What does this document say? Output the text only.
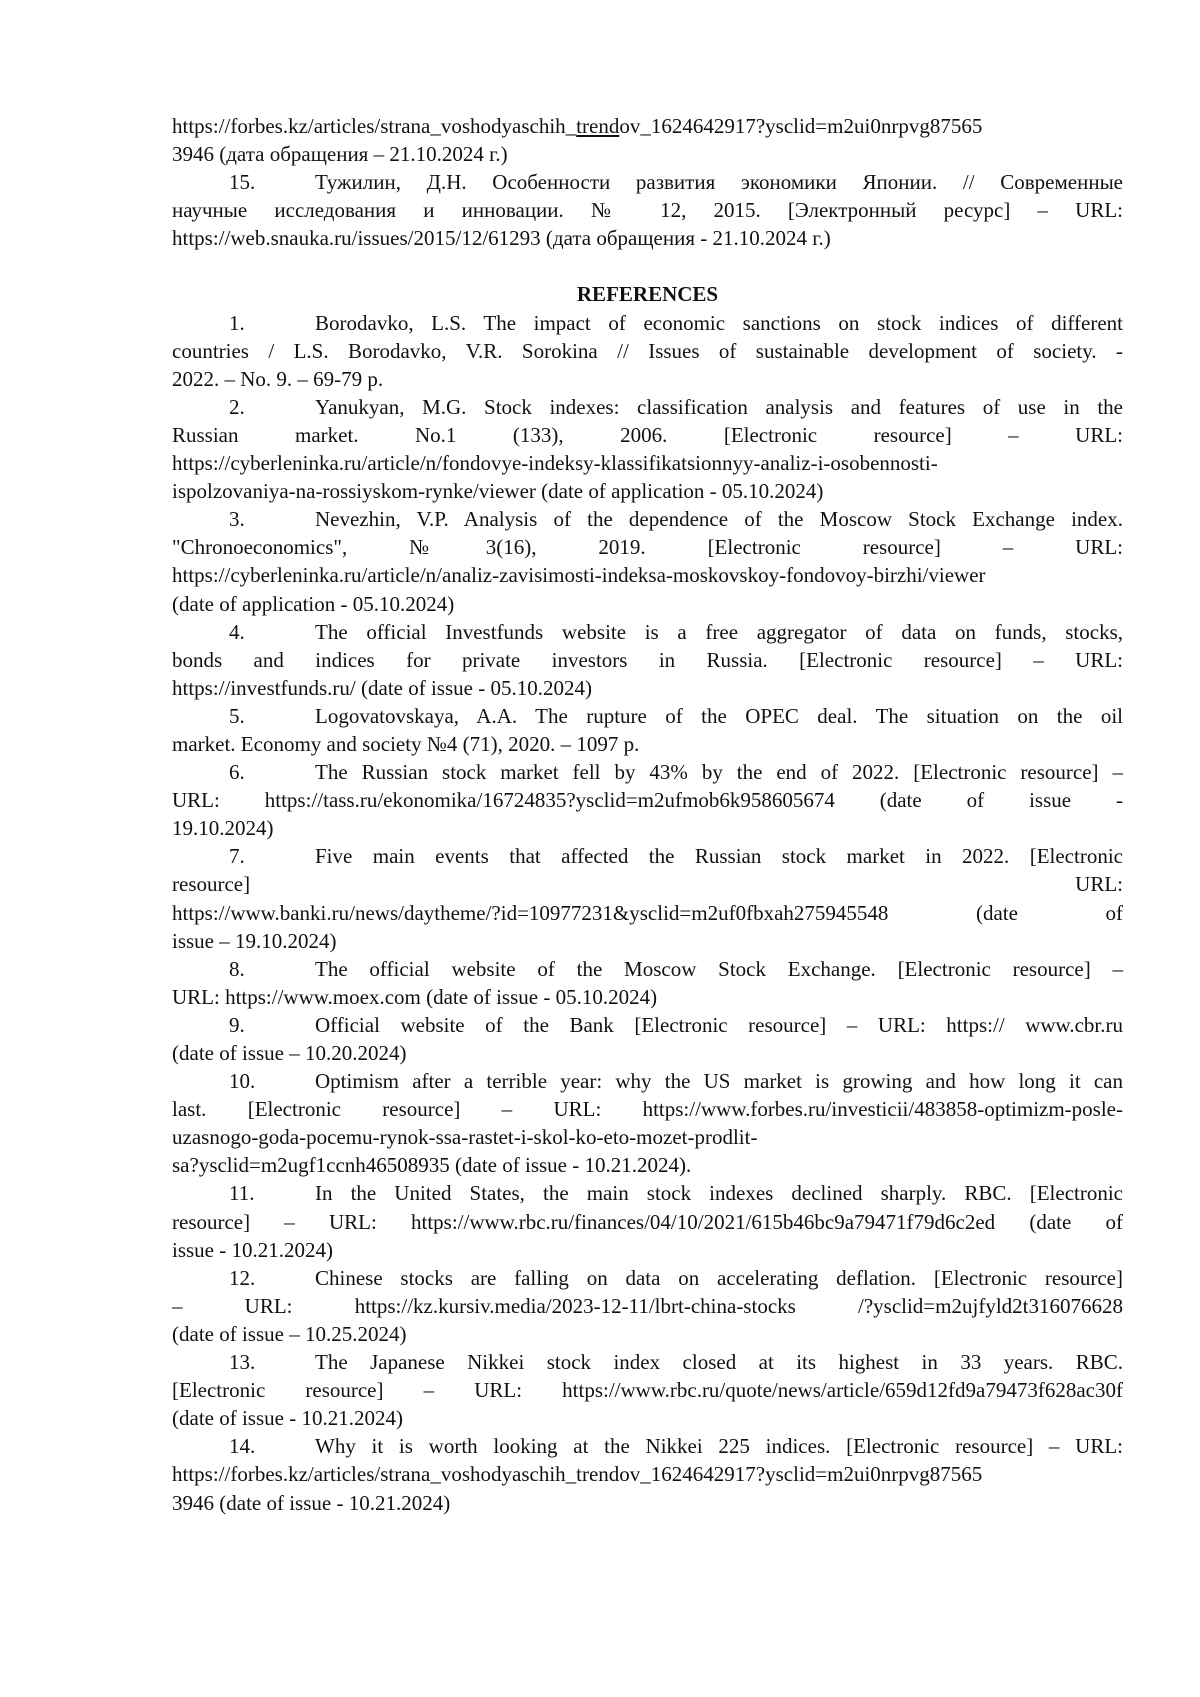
https://forbes.kz/articles/strana_voshodyaschih_trendov_1624642917?ysclid=m2ui0nrpvg87565
3946 (дата обращения – 21.10.2024 г.)
15.	Тужилин, Д.Н. Особенности развития экономики Японии. // Современные
научные исследования и инновации. № 12, 2015. [Электронный ресурс] – URL:
https://web.snauka.ru/issues/2015/12/61293 (дата обращения - 21.10.2024 г.)
REFERENCES
1.	Borodavko, L.S. The impact of economic sanctions on stock indices of different
countries / L.S. Borodavko, V.R. Sorokina // Issues of sustainable development of society. -
2022. – No. 9. – 69-79 p.
2.	Yanukyan, M.G. Stock indexes: classification analysis and features of use in the
Russian market. No.1 (133), 2006. [Electronic resource] – URL:
https://cyberleninka.ru/article/n/fondovye-indeksy-klassifikatsionnyy-analiz-i-osobennosti-
ispolzovaniya-na-rossiyskom-rynke/viewer (date of application - 05.10.2024)
3.	Nevezhin, V.P. Analysis of the dependence of the Moscow Stock Exchange index.
"Chronoeconomics", №3(16), 2019. [Electronic resource] – URL:
https://cyberleninka.ru/article/n/analiz-zavisimosti-indeksa-moskovskoy-fondovoy-birzhi/viewer
(date of application - 05.10.2024)
4.	The official Investfunds website is a free aggregator of data on funds, stocks,
bonds and indices for private investors in Russia. [Electronic resource] – URL:
https://investfunds.ru/ (date of issue - 05.10.2024)
5.	Logovatovskaya, A.A. The rupture of the OPEC deal. The situation on the oil
market. Economy and society №4 (71), 2020. – 1097 p.
6.	The Russian stock market fell by 43% by the end of 2022. [Electronic resource] –
URL: https://tass.ru/ekonomika/16724835?ysclid=m2ufmob6k958605674 (date of issue -
19.10.2024)
7.	Five main events that affected the Russian stock market in 2022. [Electronic
resource] URL:
https://www.banki.ru/news/daytheme/?id=10977231&ysclid=m2uf0fbxah275945548 (date of
issue – 19.10.2024)
8.	The official website of the Moscow Stock Exchange. [Electronic resource] –
URL: https://www.moex.com (date of issue - 05.10.2024)
9.	Official website of the Bank [Electronic resource] – URL: https:// www.cbr.ru
(date of issue – 10.20.2024)
10.	Optimism after a terrible year: why the US market is growing and how long it can
last. [Electronic resource] – URL: https://www.forbes.ru/investicii/483858-optimizm-posle-
uzasnogo-goda-pocemu-rynok-ssa-rastet-i-skol-ko-eto-mozet-prodlit-
sa?ysclid=m2ugf1ccnh46508935 (date of issue - 10.21.2024).
11.	In the United States, the main stock indexes declined sharply. RBC. [Electronic
resource] – URL: https://www.rbc.ru/finances/04/10/2021/615b46bc9a79471f79d6c2ed (date of
issue - 10.21.2024)
12.	Chinese stocks are falling on data on accelerating deflation. [Electronic resource]
– URL: https://kz.kursiv.media/2023-12-11/lbrt-china-stocks /?ysclid=m2ujfyld2t316076628
(date of issue – 10.25.2024)
13.	The Japanese Nikkei stock index closed at its highest in 33 years. RBC.
[Electronic resource] – URL: https://www.rbc.ru/quote/news/article/659d12fd9a79473f628ac30f
(date of issue - 10.21.2024)
14.	Why it is worth looking at the Nikkei 225 indices. [Electronic resource] – URL:
https://forbes.kz/articles/strana_voshodyaschih_trendov_1624642917?ysclid=m2ui0nrpvg87565
3946 (date of issue - 10.21.2024)
